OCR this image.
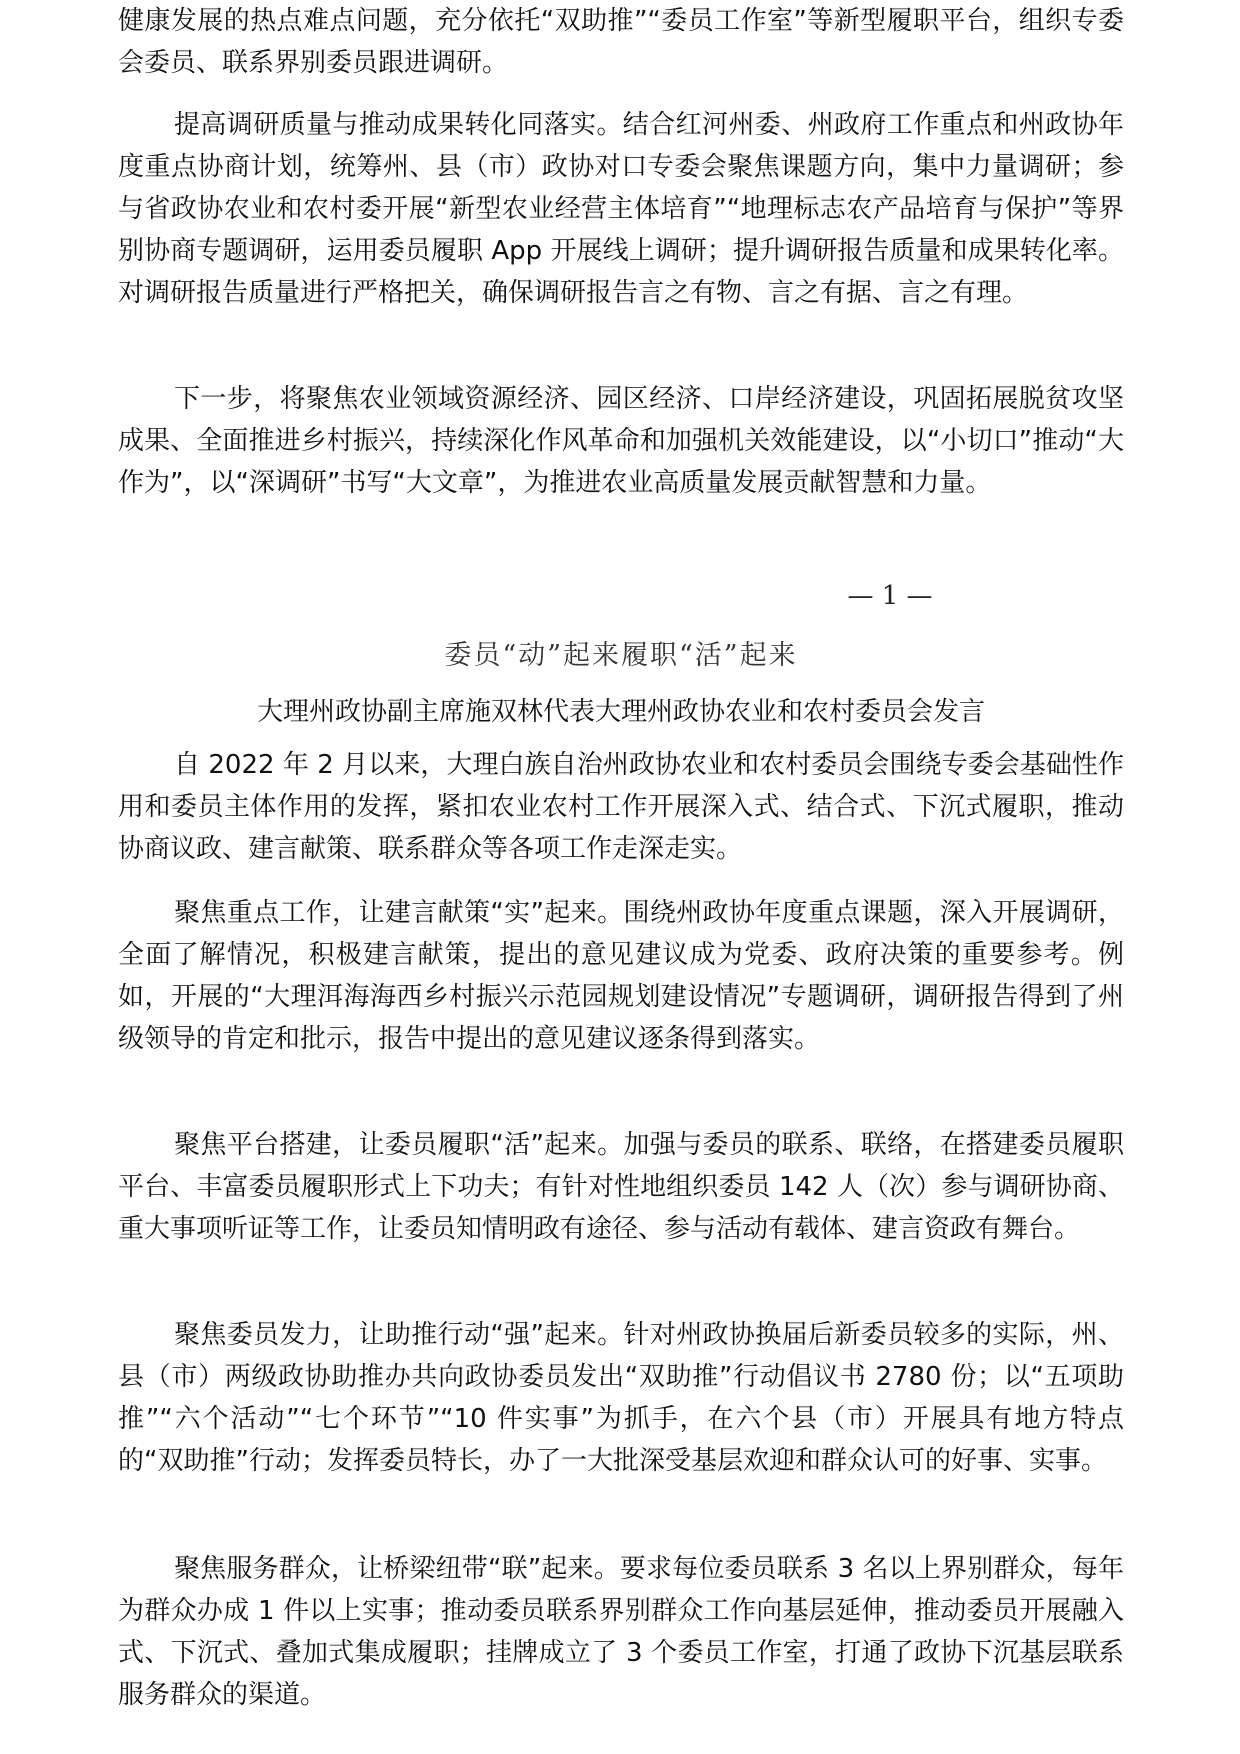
健康发展的热点难点问题，充分依托“双助推”“委员工作室”等新型履职平台，组织专委会委员、联系界别委员跟进调研。

提高调研质量与推动成果转化同落实。结合红河州委、州政府工作重点和州政协年度重点协商计划，统筹州、县（市）政协对口专委会聚焦课题方向，集中力量调研；参与省政协农业和农村委开展“新型农业经营主体培育”“地理标志农产品培育与保护”等界别协商专题调研，运用委员履职 App 开展线上调研；提升调研报告质量和成果转化率。对调研报告质量进行严格把关，确保调研报告言之有物、言之有据、言之有理。

下一步，将聚焦农业领域资源经济、园区经济、口岸经济建设，巩固拓展脱贫攻坚成果、全面推进乡村振兴，持续深化作风革命和加强机关效能建设，以“小切口”推动“大作为”，以“深调研”书写“大文章”，为推进农业高质量发展贡献智慧和力量。

— 1 —
委员“动”起来履职“活”起来
大理州政协副主席施双林代表大理州政协农业和农村委员会发言

自 2022 年 2 月以来，大理白族自治州政协农业和农村委员会围绕专委会基础性作用和委员主体作用的发挥，紧扣农业农村工作开展深入式、结合式、下沉式履职，推动协商议政、建言献策、联系群众等各项工作走深走实。

聚焦重点工作，让建言献策“实”起来。围绕州政协年度重点课题，深入开展调研，全面了解情况，积极建言献策，提出的意见建议成为党委、政府决策的重要参考。例如，开展的“大理洱海海西乡村振兴示范园规划建设情况”专题调研，调研报告得到了州级领导的肯定和批示，报告中提出的意见建议逐条得到落实。

聚焦平台搭建，让委员履职“活”起来。加强与委员的联系、联络，在搭建委员履职平台、丰富委员履职形式上下功夫；有针对性地组织委员 142 人（次）参与调研协商、重大事项听证等工作，让委员知情明政有途径、参与活动有载体、建言资政有舞台。

聚焦委员发力，让助推行动“强”起来。针对州政协换届后新委员较多的实际，州、县（市）两级政协助推办共向政协委员发出“双助推”行动倡议书 2780 份；以“五项助推”“六个活动”“七个环节”“10 件实事”为抓手，在六个县（市）开展具有地方特点的“双助推”行动；发挥委员特长，办了一大批深受基层欢迎和群众认可的好事、实事。

聚焦服务群众，让桥梁纽带“联”起来。要求每位委员联系 3 名以上界别群众，每年为群众办成 1 件以上实事；推动委员联系界别群众工作向基层延伸，推动委员开展融入式、下沉式、叠加式集成履职；挂牌成立了 3 个委员工作室，打通了政协下沉基层联系服务群众的渠道。
